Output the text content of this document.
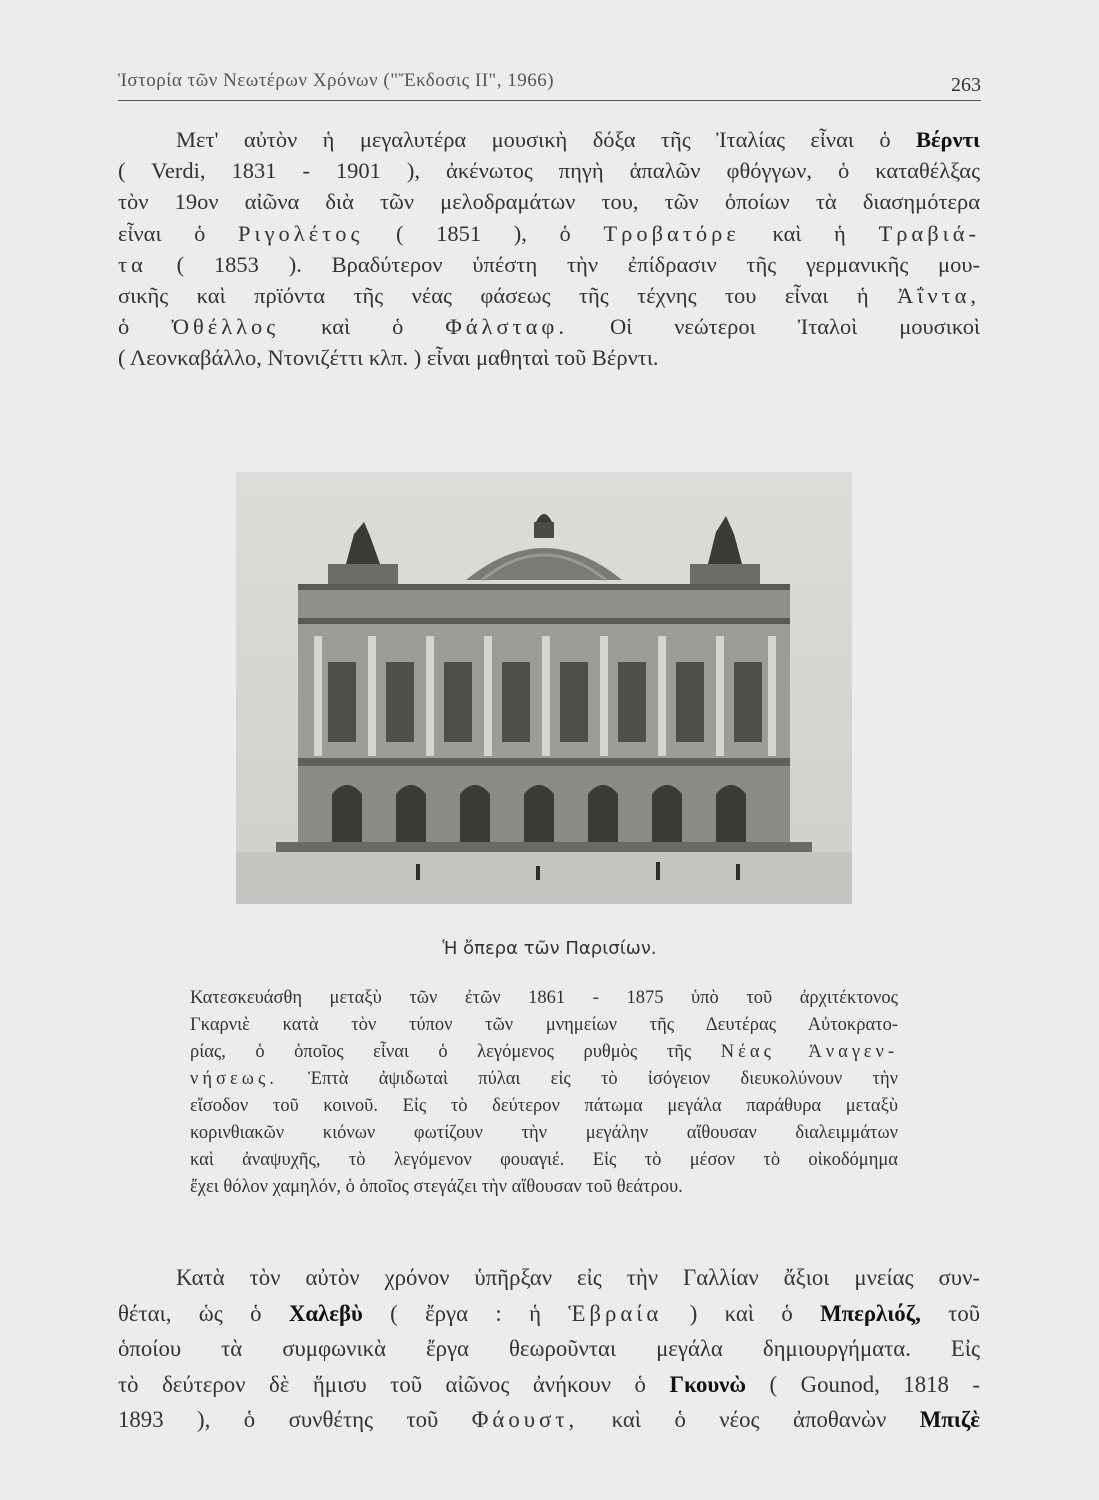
Ἱστορία τῶν Νεωτέρων Χρόνων ("Ἔκδοσις ΙΙ", 1966)	263

Μετ' αὐτὸν ἡ μεγαλυτέρα μουσικὴ δόξα τῆς Ἰταλίας εἶναι ὁ Βέρντι
( Verdi, 1831 - 1901 ), ἀκένωτος πηγὴ ἁπαλῶν φθόγγων, ὁ καταθέλξας
τὸν 19ον αἰῶνα διὰ τῶν μελοδραμάτων του, τῶν ὁποίων τὰ διασημότερα
εἶναι ὁ Ριγολέτος ( 1851 ), ὁ Τροβατόρε καὶ ἡ Τραβιά-
τα ( 1853 ). Βραδύτερον ὑπέστη τὴν ἐπίδρασιν τῆς γερμανικῆς μου-
σικῆς καὶ πρϊόντα τῆς νέας φάσεως τῆς τέχνης του εἶναι ἡ Ἀΐντα,
ὁ Ὀθέλλος καὶ ὁ Φάλσταφ. Οἱ νεώτεροι Ἰταλοὶ μουσικοὶ
( Λεονκαβάλλο, Ντονιζέττι κλπ. ) εἶναι μαθηταὶ τοῦ Βέρντι.

Ἡ ὄπερα τῶν Παρισίων.
Κατεσκευάσθη μεταξὺ τῶν ἐτῶν 1861 - 1875 ὑπὸ τοῦ ἀρχιτέκτονος
Γκαρνιὲ κατὰ τὸν τύπον τῶν μνημείων τῆς Δευτέρας Αὐτοκρατο-
ρίας, ὁ ὁποῖος εἶναι ὁ λεγόμενος ρυθμὸς τῆς Νέας Ἀναγεν-
νήσεως. Ἑπτὰ ἀψιδωταὶ πύλαι εἰς τὸ ἰσόγειον διευκολύνουν τὴν
εἴσοδον τοῦ κοινοῦ. Εἰς τὸ δεύτερον πάτωμα μεγάλα παράθυρα μεταξὺ
κορινθιακῶν κιόνων φωτίζουν τὴν μεγάλην αἴθουσαν διαλειμμάτων
καὶ ἀναψυχῆς, τὸ λεγόμενον φουαγιέ. Εἰς τὸ μέσον τὸ οἰκοδόμημα
ἔχει θόλον χαμηλόν, ὁ ὁποῖος στεγάζει τὴν αἴθουσαν τοῦ θεάτρου.

Κατὰ τὸν αὐτὸν χρόνον ὑπῆρξαν εἰς τὴν Γαλλίαν ἄξιοι μνείας συν-
θέται, ὡς ὁ Χαλεβὺ ( ἔργα : ἡ Ἑβραία ) καὶ ὁ Μπερλιόζ, τοῦ
ὁποίου τὰ συμφωνικὰ ἔργα θεωροῦνται μεγάλα δημιουργήματα. Εἰς
τὸ δεύτερον δὲ ἥμισυ τοῦ αἰῶνος ἀνήκουν ὁ Γκουνὼ ( Gounod, 1818 -
1893 ), ὁ συνθέτης τοῦ Φάουστ, καὶ ὁ νέος ἀποθανὼν Μπιζὲ
